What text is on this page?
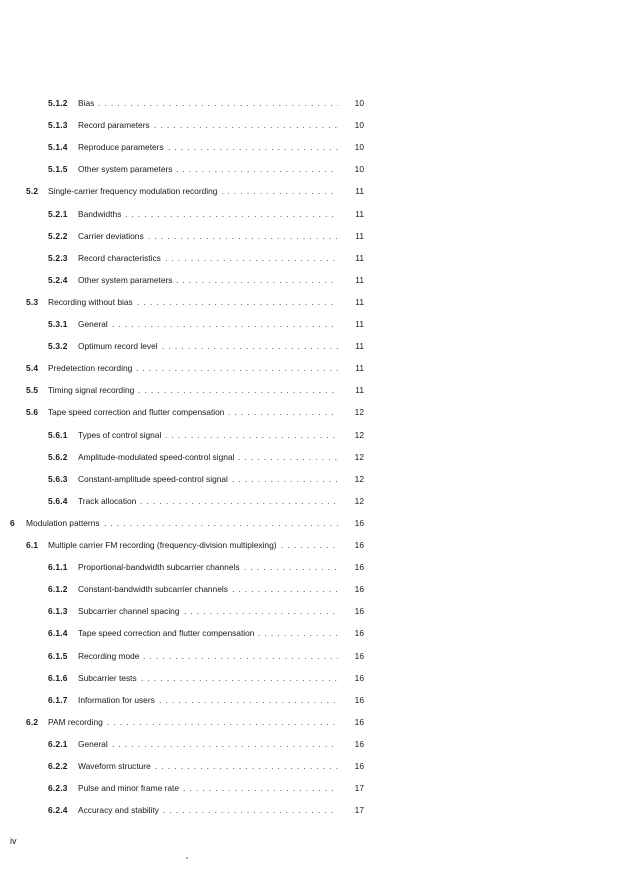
5.1.2 Bias . . .	10
5.1.3 Record parameters . . .	10
5.1.4 Reproduce parameters . . .	10
5.1.5 Other system parameters . . .	10
5.2 Single-carrier frequency modulation recording . . .	11
5.2.1 Bandwidths . . .	11
5.2.2 Carrier deviations . . .	11
5.2.3 Record characteristics . . .	11
5.2.4 Other system parameters . . .	11
5.3 Recording without bias . . .	11
5.3.1 General . . .	11
5.3.2 Optimum record level . . .	11
5.4 Predetection recording . . .	11
5.5 Timing signal recording . . .	11
5.6 Tape speed correction and flutter compensation . . .	12
5.6.1 Types of control signal . . .	12
5.6.2 Amplitude-modulated speed-control signal . . .	12
5.6.3 Constant-amplitude speed-control signal . . .	12
5.6.4 Track allocation . . .	12
6 Modulation patterns . . .	16
6.1 Multiple carrier FM recording (frequency-division multiplexing) . . .	16
6.1.1 Proportional-bandwidth subcarrier channels . . .	16
6.1.2 Constant-bandwidth subcarrier channels . . .	16
6.1.3 Subcarrier channel spacing . . .	16
6.1.4 Tape speed correction and flutter compensation . . .	16
6.1.5 Recording mode . . .	16
6.1.6 Subcarrier tests . . .	16
6.1.7 Information for users . . .	16
6.2 PAM recording . . .	16
6.2.1 General . . .	16
6.2.2 Waveform structure . . .	16
6.2.3 Pulse and minor frame rate . . .	17
6.2.4 Accuracy and stability . . .	17
iv
